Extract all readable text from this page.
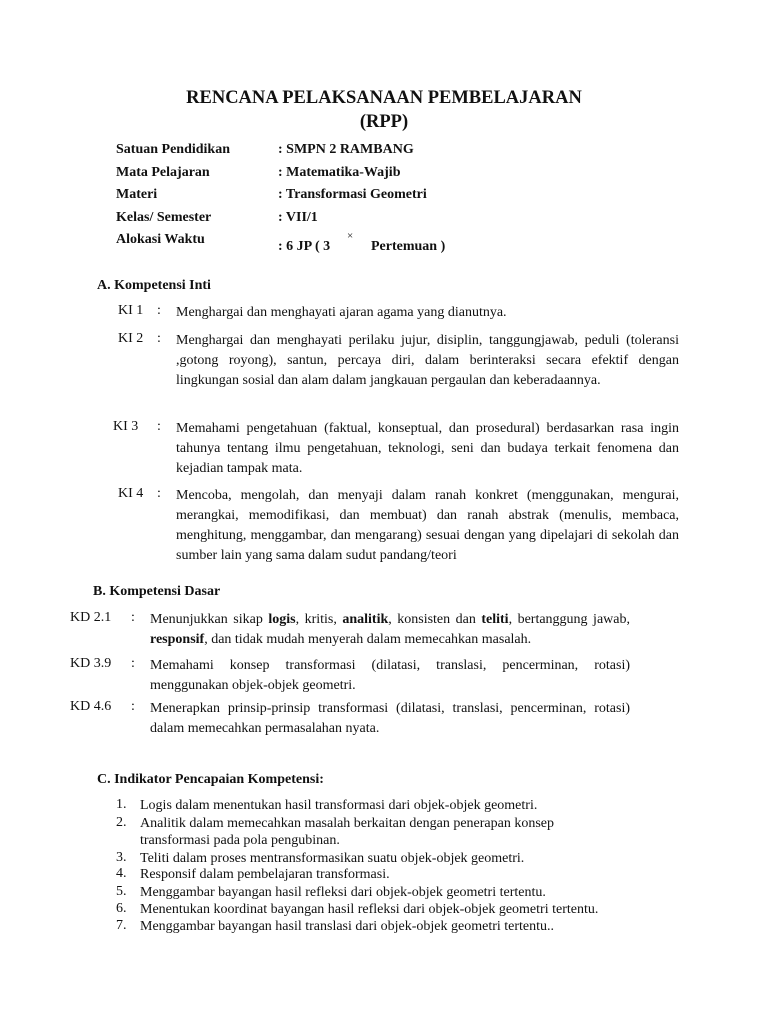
RENCANA PELAKSANAAN PEMBELAJARAN
(RPP)
Satuan Pendidikan	: SMPN 2 RAMBANG
Mata Pelajaran	: Matematika-Wajib
Materi	: Transformasi Geometri
Kelas/ Semester	: VII/1
Alokasi Waktu	: 6 JP ( 3
×
Pertemuan )
A. Kompetensi Inti
KI 1 : Menghargai dan menghayati ajaran agama yang dianutnya.
KI 2 : Menghargai dan menghayati perilaku jujur, disiplin, tanggungjawab, peduli (toleransi ,gotong royong), santun, percaya diri, dalam berinteraksi secara efektif dengan lingkungan sosial dan alam dalam jangkauan pergaulan dan keberadaannya.
KI 3 : Memahami pengetahuan (faktual, konseptual, dan prosedural) berdasarkan rasa ingin tahunya tentang ilmu pengetahuan, teknologi, seni dan budaya terkait fenomena dan kejadian tampak mata.
KI 4 : Mencoba, mengolah, dan menyaji dalam ranah konkret (menggunakan, mengurai, merangkai, memodifikasi, dan membuat) dan ranah abstrak (menulis, membaca, menghitung, menggambar, dan mengarang) sesuai dengan yang dipelajari di sekolah dan sumber lain yang sama dalam sudut pandang/teori
B. Kompetensi Dasar
KD 2.1 : Menunjukkan sikap logis, kritis, analitik, konsisten dan teliti, bertanggung jawab, responsif, dan tidak mudah menyerah dalam memecahkan masalah.
KD 3.9 : Memahami konsep transformasi (dilatasi, translasi, pencerminan, rotasi) menggunakan objek-objek geometri.
KD 4.6 : Menerapkan prinsip-prinsip transformasi (dilatasi, translasi, pencerminan, rotasi) dalam memecahkan permasalahan nyata.
C. Indikator Pencapaian Kompetensi:
1. Logis dalam menentukan hasil transformasi dari objek-objek geometri.
2. Analitik dalam memecahkan masalah berkaitan dengan penerapan konsep transformasi pada pola pengubinan.
3. Teliti dalam proses mentransformasikan suatu objek-objek geometri.
4. Responsif dalam pembelajaran transformasi.
5. Menggambar bayangan hasil refleksi dari objek-objek geometri tertentu.
6. Menentukan koordinat bayangan hasil refleksi dari objek-objek geometri tertentu.
7. Menggambar bayangan hasil translasi dari objek-objek geometri tertentu..
